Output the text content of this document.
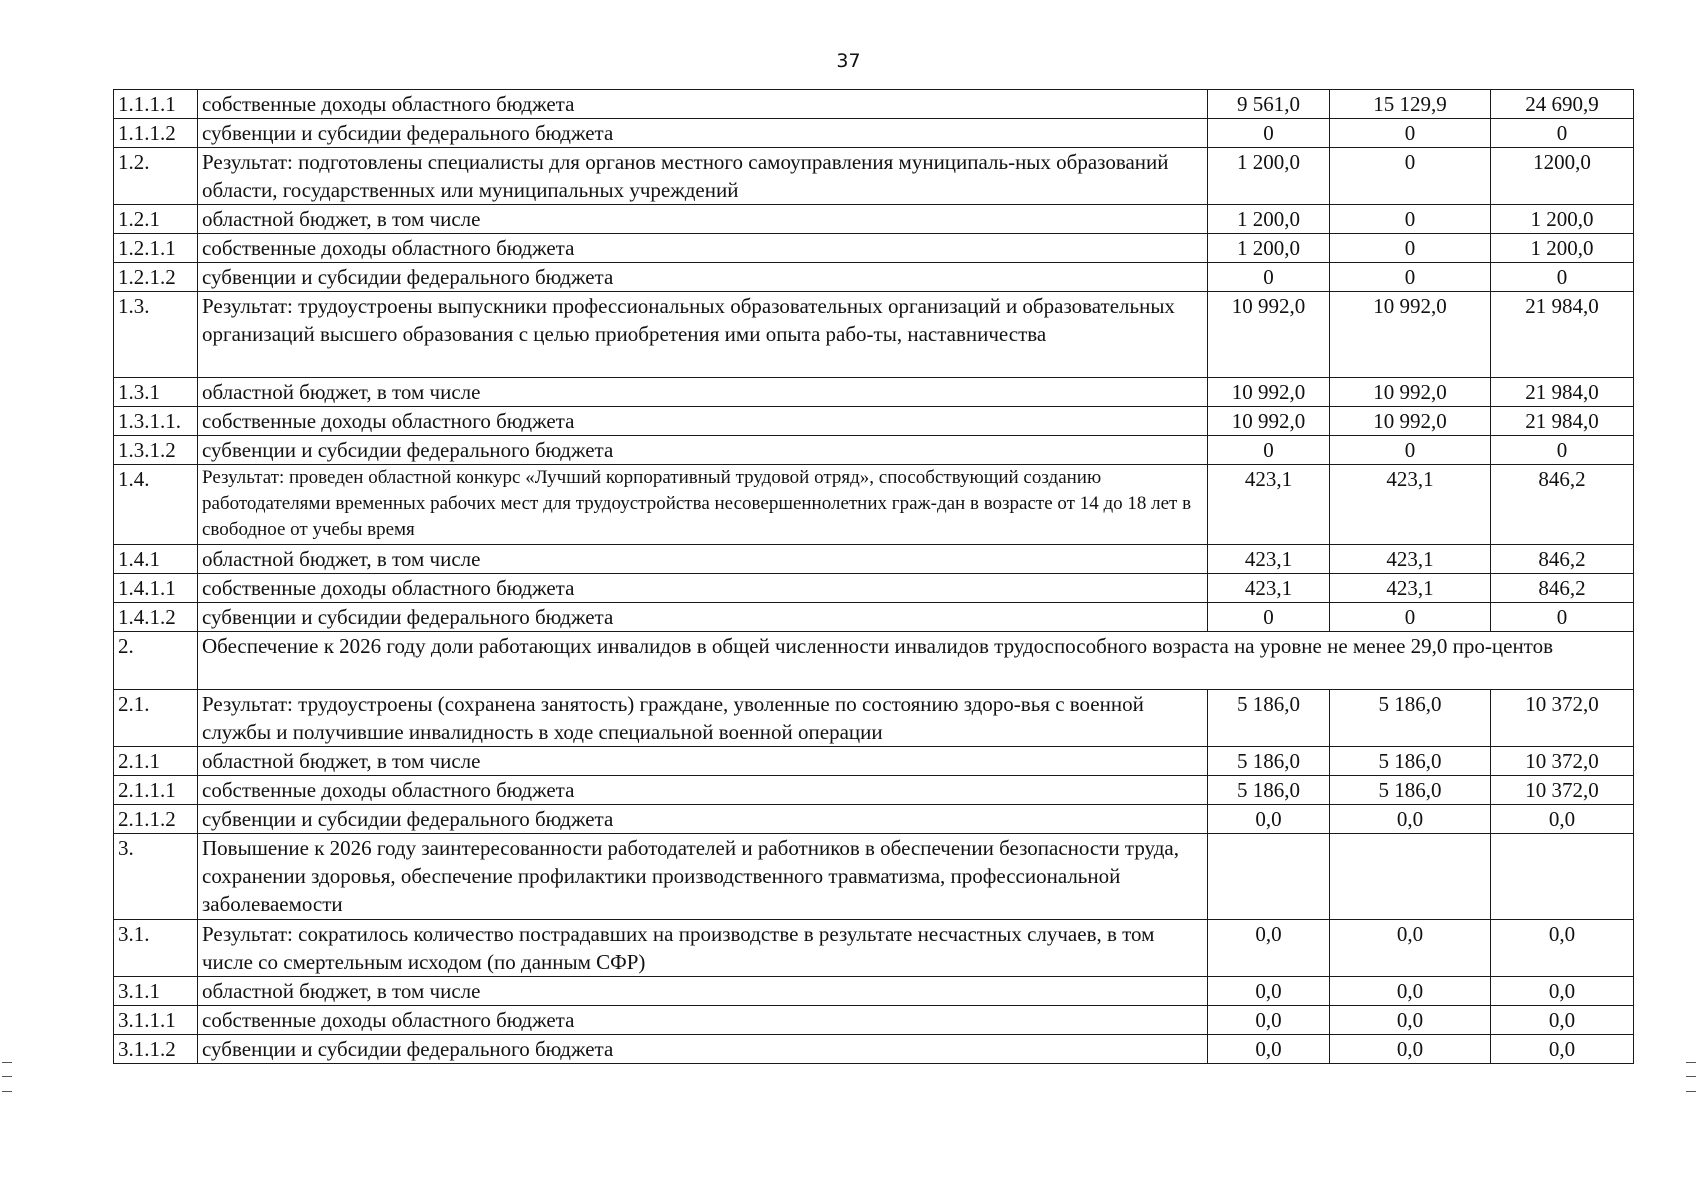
37
1.1.1.1	собственные доходы областного бюджета	9 561,0	15 129,9	24 690,9
1.1.1.2	субвенции и субсидии федерального бюджета	0	0	0
1.2.	Результат: подготовлены специалисты для органов местного самоуправления муниципаль-ных образований области, государственных или муниципальных учреждений	1 200,0	0	1200,0
1.2.1	областной бюджет, в том числе	1 200,0	0	1 200,0
1.2.1.1	собственные доходы областного бюджета	1 200,0	0	1 200,0
1.2.1.2	субвенции и субсидии федерального бюджета	0	0	0
1.3.	Результат: трудоустроены выпускники профессиональных образовательных организаций и образовательных организаций высшего образования с целью приобретения ими опыта рабо-ты, наставничества	10 992,0	10 992,0	21 984,0
1.3.1	областной бюджет, в том числе	10 992,0	10 992,0	21 984,0
1.3.1.1.	собственные доходы областного бюджета	10 992,0	10 992,0	21 984,0
1.3.1.2	субвенции и субсидии федерального бюджета	0	0	0
1.4.	Результат: проведен областной конкурс «Лучший корпоративный трудовой отряд», способствующий созданию работодателями временных рабочих мест для трудоустройства несовершеннолетних граж-дан в возрасте от 14 до 18 лет в свободное от учебы время	423,1	423,1	846,2
1.4.1	областной бюджет, в том числе	423,1	423,1	846,2
1.4.1.1	собственные доходы областного бюджета	423,1	423,1	846,2
1.4.1.2	субвенции и субсидии федерального бюджета	0	0	0
2.	Обеспечение к 2026 году доли работающих инвалидов в общей численности инвалидов трудоспособного возраста на уровне не менее 29,0 про-центов			
2.1.	Результат: трудоустроены (сохранена занятость) граждане, уволенные по состоянию здоро-вья с военной службы и получившие инвалидность в ходе специальной военной операции	5 186,0	5 186,0	10 372,0
2.1.1	областной бюджет, в том числе	5 186,0	5 186,0	10 372,0
2.1.1.1	собственные доходы областного бюджета	5 186,0	5 186,0	10 372,0
2.1.1.2	субвенции и субсидии федерального бюджета	0,0	0,0	0,0
3.	Повышение к 2026 году заинтересованности работодателей и работников в обеспечении безопасности труда, сохранении здоровья, обеспечение профилактики производственного травматизма, профессиональной заболеваемости			
3.1.	Результат: сократилось количество пострадавших на производстве в результате несчастных случаев, в том числе со смертельным исходом (по данным СФР)	0,0	0,0	0,0
3.1.1	областной бюджет, в том числе	0,0	0,0	0,0
3.1.1.1	собственные доходы областного бюджета	0,0	0,0	0,0
3.1.1.2	субвенции и субсидии федерального бюджета	0,0	0,0	0,0
